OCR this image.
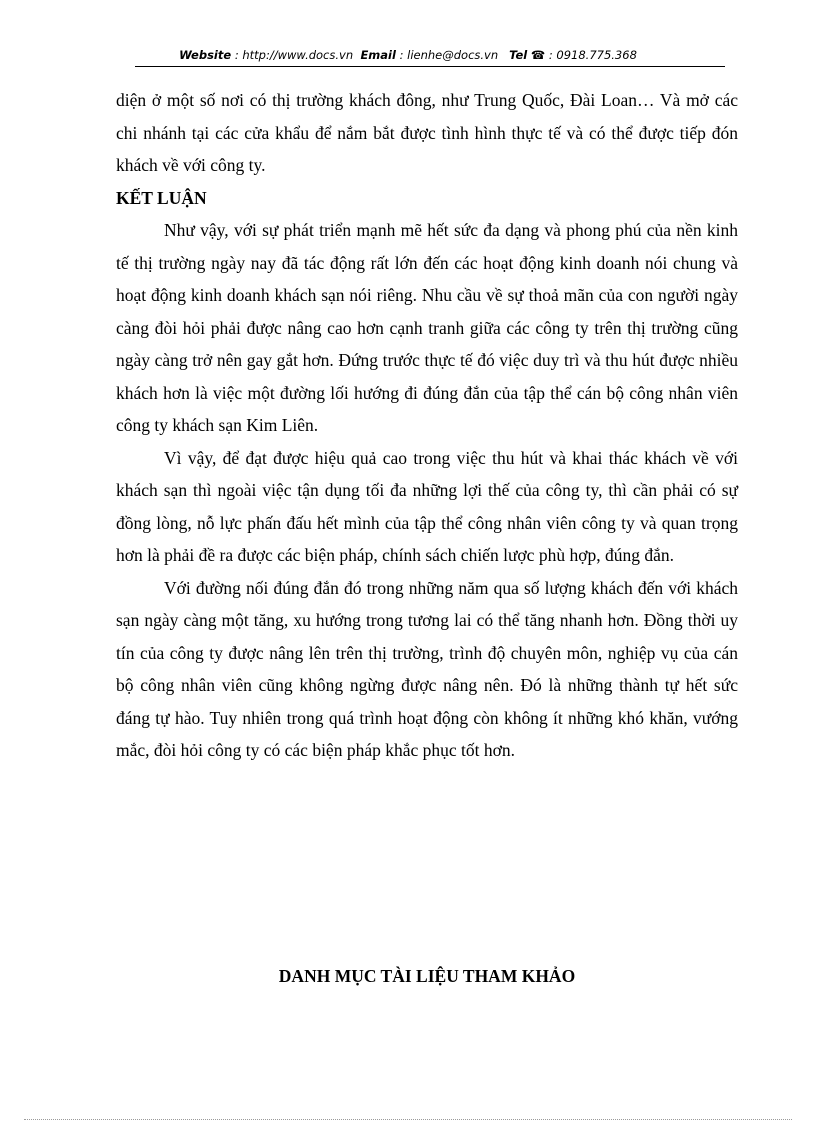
Website : http://www.docs.vn Email : lienhe@docs.vn Tel ☎ : 0918.775.368

diện ở một số nơi có thị trường khách đông, như Trung Quốc, Đài Loan… Và mở các chi nhánh tại các cửa khẩu để nắm bắt được tình hình thực tế và có thể được tiếp đón khách về với công ty.

KẾT LUẬN

Như vậy, với sự phát triển mạnh mẽ hết sức đa dạng và phong phú của nền kinh tế thị trường ngày nay đã tác động rất lớn đến các hoạt động kinh doanh nói chung và hoạt động kinh doanh khách sạn nói riêng. Nhu cầu về sự thoả mãn của con người ngày càng đòi hỏi phải được nâng cao hơn cạnh tranh giữa các công ty trên thị trường cũng ngày càng trở nên gay gắt hơn. Đứng trước thực tế đó việc duy trì và thu hút được nhiều khách hơn là việc một đường lối hướng đi đúng đắn của tập thể cán bộ công nhân viên công ty khách sạn Kim Liên.

Vì vậy, để đạt được hiệu quả cao trong việc thu hút và khai thác khách về với khách sạn thì ngoài việc tận dụng tối đa những lợi thế của công ty, thì cần phải có sự đồng lòng, nỗ lực phấn đấu hết mình của tập thể công nhân viên công ty và quan trọng hơn là phải đề ra được các biện pháp, chính sách chiến lược phù hợp, đúng đắn.

Với đường nối đúng đắn đó trong những năm qua số lượng khách đến với khách sạn ngày càng một tăng, xu hướng trong tương lai có thể tăng nhanh hơn. Đồng thời uy tín của công ty được nâng lên trên thị trường, trình độ chuyên môn, nghiệp vụ của cán bộ công nhân viên cũng không ngừng được nâng nên. Đó là những thành tự hết sức đáng tự hào. Tuy nhiên trong quá trình hoạt động còn không ít những khó khăn, vướng mắc, đòi hỏi công ty có các biện pháp khắc phục tốt hơn.

DANH MỤC TÀI LIỆU THAM KHẢO
